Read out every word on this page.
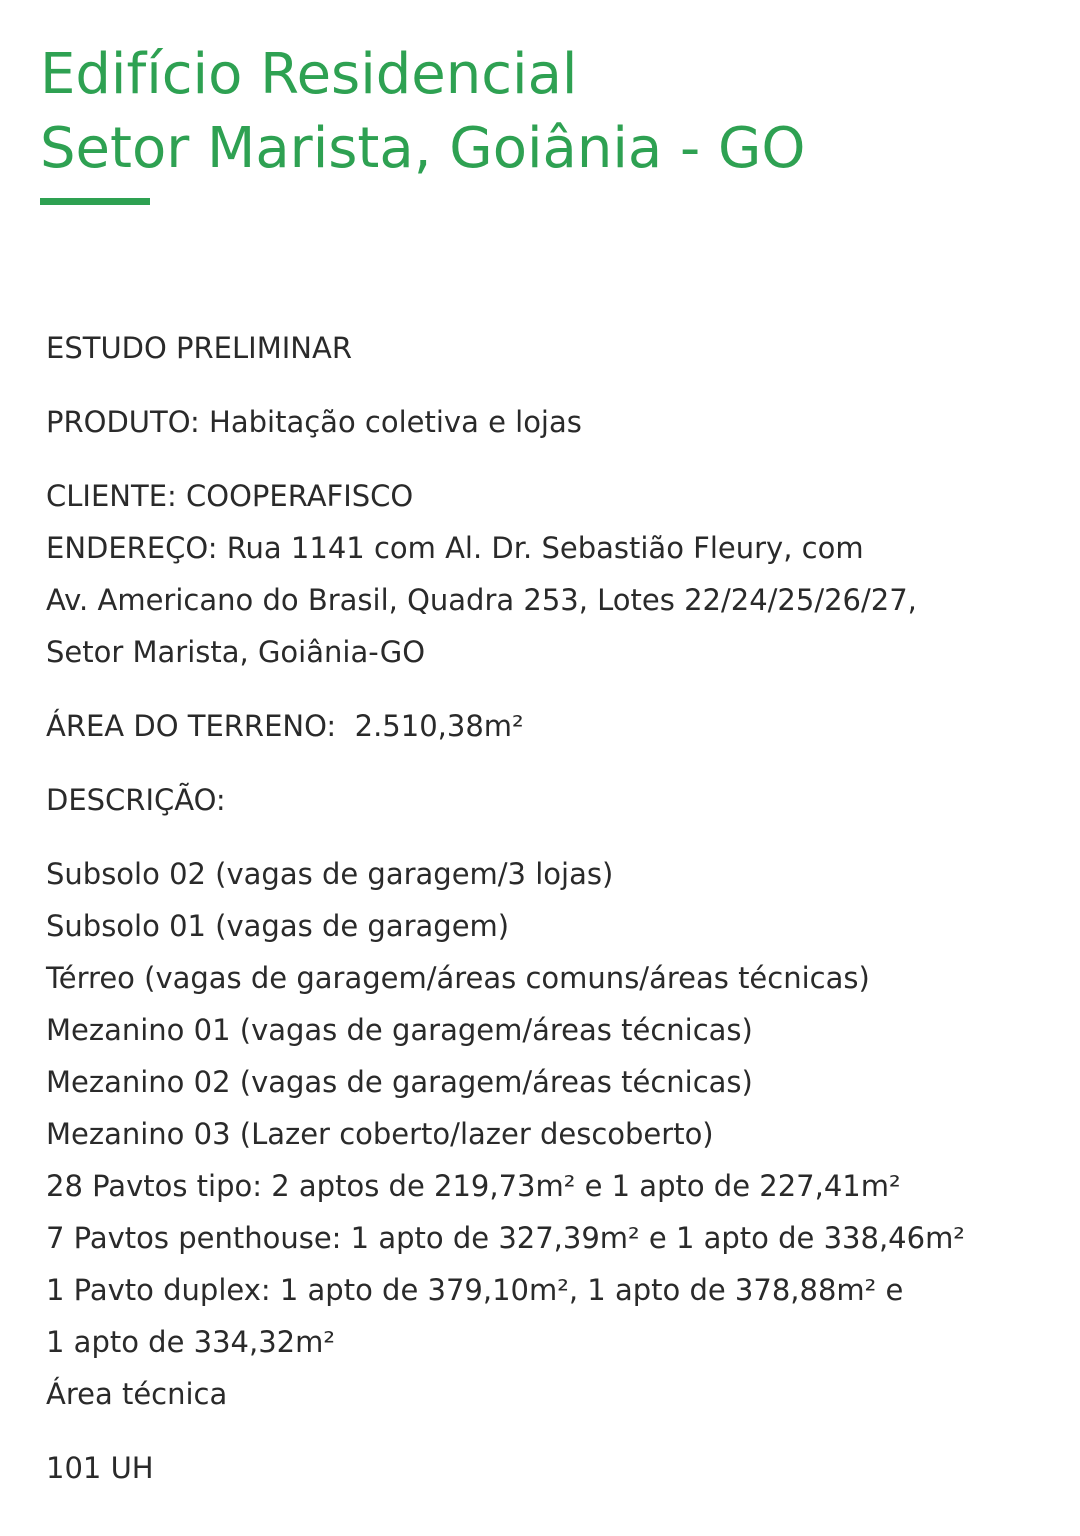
Edifício Residencial
Setor Marista, Goiânia - GO

ESTUDO PRELIMINAR

PRODUTO: Habitação coletiva e lojas

CLIENTE: COOPERAFISCO

ENDEREÇO: Rua 1141 com Al. Dr. Sebastião Fleury, com

Av. Americano do Brasil, Quadra 253, Lotes 22/24/25/26/27,

Setor Marista, Goiânia-GO

ÁREA DO TERRENO: 2.510,38m²

DESCRIÇÃO:

Subsolo 02 (vagas de garagem/3 lojas)

Subsolo 01 (vagas de garagem)

Térreo (vagas de garagem/áreas comuns/áreas técnicas)

Mezanino 01 (vagas de garagem/áreas técnicas)

Mezanino 02 (vagas de garagem/áreas técnicas)

Mezanino 03 (Lazer coberto/lazer descoberto)

28 Pavtos tipo: 2 aptos de 219,73m² e 1 apto de 227,41m²

7 Pavtos penthouse: 1 apto de 327,39m² e 1 apto de 338,46m²

1 Pavto duplex: 1 apto de 379,10m², 1 apto de 378,88m² e

1 apto de 334,32m²

Área técnica

101 UH
